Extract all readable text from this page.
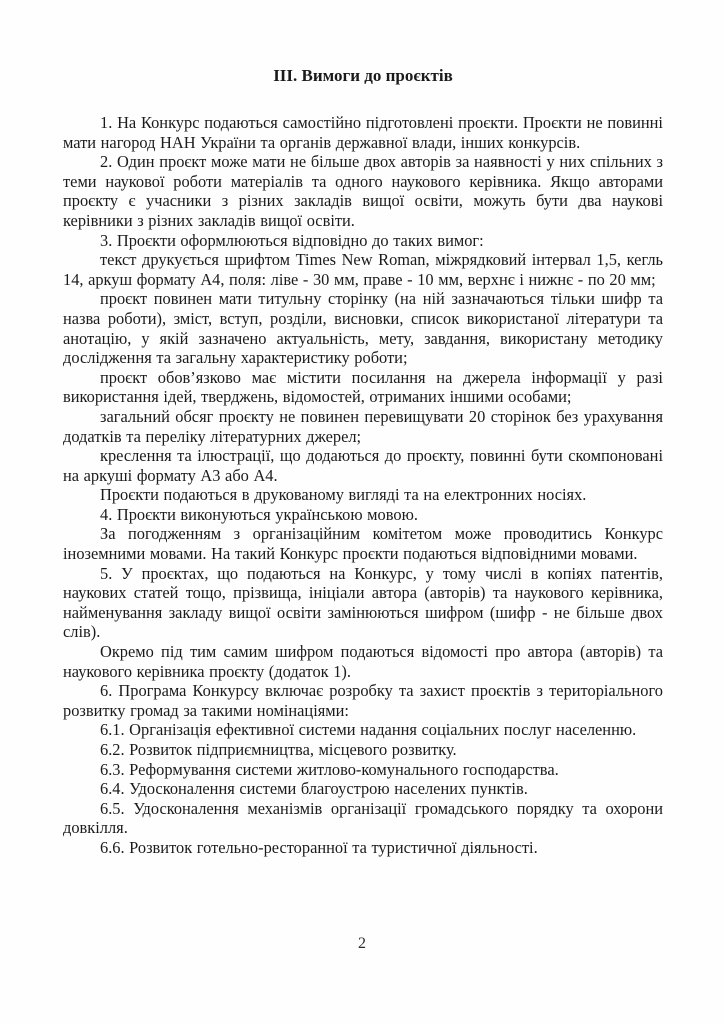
III. Вимоги до проєктів

1. На Конкурс подаються самостійно підготовлені проєкти. Проєкти не повинні мати нагород НАН України та органів державної влади, інших конкурсів.

2. Один проєкт може мати не більше двох авторів за наявності у них спільних з теми наукової роботи матеріалів та одного наукового керівника. Якщо авторами проєкту є учасники з різних закладів вищої освіти, можуть бути два наукові керівники з різних закладів вищої освіти.

3. Проєкти оформлюються відповідно до таких вимог:

текст друкується шрифтом Times New Roman, міжрядковий інтервал 1,5, кегль 14, аркуш формату А4, поля: ліве - 30 мм, праве - 10 мм, верхнє і нижнє - по 20 мм;

проєкт повинен мати титульну сторінку (на ній зазначаються тільки шифр та назва роботи), зміст, вступ, розділи, висновки, список використаної літератури та анотацію, у якій зазначено актуальність, мету, завдання, використану методику дослідження та загальну характеристику роботи;

проєкт обов’язково має містити посилання на джерела інформації у разі використання ідей, тверджень, відомостей, отриманих іншими особами;

загальний обсяг проєкту не повинен перевищувати 20 сторінок без урахування додатків та переліку літературних джерел;

креслення та ілюстрації, що додаються до проєкту, повинні бути скомпоновані на аркуші формату А3 або А4.

Проєкти подаються в друкованому вигляді та на електронних носіях.

4. Проєкти виконуються українською мовою.

За погодженням з організаційним комітетом може проводитись Конкурс іноземними мовами. На такий Конкурс проєкти подаються відповідними мовами.

5. У проєктах, що подаються на Конкурс, у тому числі в копіях патентів, наукових статей тощо, прізвища, ініціали автора (авторів) та наукового керівника, найменування закладу вищої освіти замінюються шифром (шифр - не більше двох слів).

Окремо під тим самим шифром подаються відомості про автора (авторів) та наукового керівника проєкту (додаток 1).

6. Програма Конкурсу включає розробку та захист проєктів з територіального розвитку громад за такими номінаціями:

6.1. Організація ефективної системи надання соціальних послуг населенню.

6.2. Розвиток підприємництва, місцевого розвитку.

6.3. Реформування системи житлово-комунального господарства.

6.4. Удосконалення системи благоустрою населених пунктів.

6.5. Удосконалення механізмів організації громадського порядку та охорони довкілля.

6.6. Розвиток готельно-ресторанної та туристичної діяльності.

2
